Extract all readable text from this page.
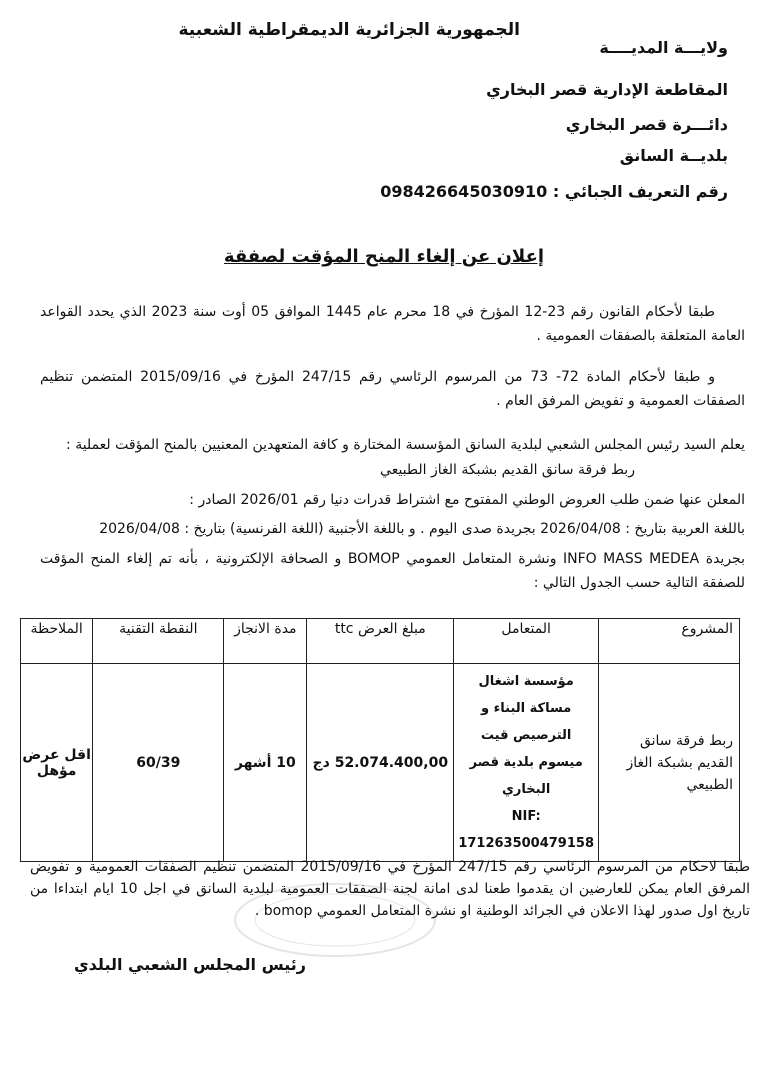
الجمهورية الجزائرية الديمقراطية الشعبية
ولايـــة المديــــة
المقاطعة الإدارية قصر البخاري
دائـــرة قصر البخاري
بلديــة السانق
رقم التعريف الجبائي : 098426645030910
إعلان عن إلغاء المنح المؤقت لصفقة
طبقا لأحكام القانون رقم 23-12 المؤرخ في 18 محرم عام 1445 الموافق 05 أوت سنة 2023 الذي يحدد القواعد العامة المتعلقة بالصفقات العمومية .
و طبقا لأحكام المادة 72- 73 من المرسوم الرئاسي رقم 247/15 المؤرخ في 2015/09/16 المتضمن تنظيم الصفقات العمومية و تفويض المرفق العام .
يعلم السيد رئيس المجلس الشعبي لبلدية السانق المؤسسة المختارة و كافة المتعهدين المعنيين بالمنح المؤقت لعملية :
ربط فرقة سانق القديم بشبكة الغاز الطبيعي
المعلن عنها ضمن طلب العروض الوطني المفتوح مع اشتراط قدرات دنيا رقم 2026/01 الصادر :
باللغة العربية بتاريخ : 2026/04/08 بجريدة صدى اليوم . و باللغة الأجنبية (اللغة الفرنسية) بتاريخ : 2026/04/08
بجريدة INFO MASS MEDEA ونشرة المتعامل العمومي BOMOP و الصحافة الإلكترونية ، بأنه تم إلغاء المنح المؤقت للصفقة التالية حسب الجدول التالي :
المشروع	المتعامل	مبلغ العرض ttc	مدة الانجاز	النقطة التقنية	الملاحظة
ربط فرقة سانق القديم بشبكة الغاز الطبيعي	مؤسسة اشغال مساكة البناء و الترصيص قيت ميسوم بلدية قصر البخاري
NIF:
171263500479158	52.074.400,00 دج	10 أشهر	60/39	اقل عرض مؤهل
طبقا لاحكام من المرسوم الرئاسي رقم 247/15 المؤرخ في 2015/09/16 المتضمن تنظيم الصفقات العمومية و تفويض المرفق العام يمكن للعارضين ان يقدموا طعنا لدى امانة لجنة الصفقات العمومية لبلدية السانق في اجل 10 ايام ابتداءا من تاريخ اول صدور لهذا الاعلان في الجرائد الوطنية او نشرة المتعامل العمومي bomop .
رئيس المجلس الشعبي البلدي
